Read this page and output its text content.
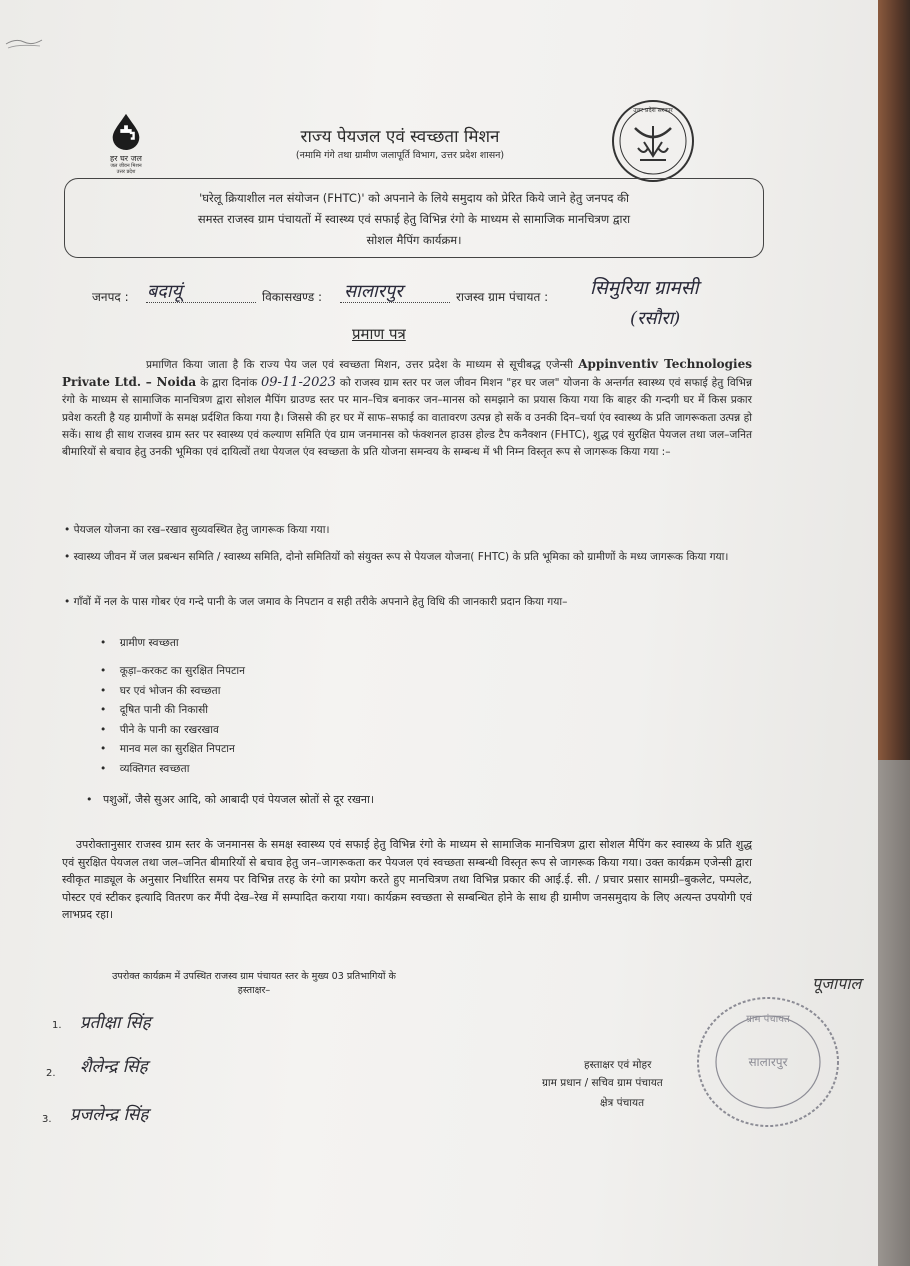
हर घर जल
जल जीवन मिशन
उत्तर प्रदेश
राज्य पेयजल एवं स्वच्छता मिशन
(नमामि गंगे तथा ग्रामीण जलापूर्ति विभाग, उत्तर प्रदेश शासन)
उत्तर प्रदेश सरकार
'घरेलू क्रियाशील नल संयोजन (FHTC)' को अपनाने के लिये समुदाय को प्रेरित किये जाने हेतु जनपद की
समस्त राजस्व ग्राम पंचायतों में स्वास्थ्य एवं सफाई हेतु विभिन्न रंगो के माध्यम से सामाजिक मानचित्रण द्वारा
सोशल मैपिंग कार्यक्रम।
जनपद : बदायूं	विकासखण्ड : सालारपुर	राजस्व ग्राम पंचायत : सिमुरिया ग्रामसी
(रसौरा)
प्रमाण पत्र
प्रमाणित किया जाता है कि राज्य पेय जल एवं स्वच्छता मिशन, उत्तर प्रदेश के माध्यम से सूचीबद्ध एजेन्सी Appinventiv Technologies Private Ltd. – Noida के द्वारा दिनांक 09-11-2023 को राजस्व ग्राम स्तर पर जल जीवन मिशन "हर घर जल" योजना के अन्तर्गत स्वास्थ्य एवं सफाई हेतु विभिन्न रंगो के माध्यम से सामाजिक मानचित्रण द्वारा सोशल मैपिंग ग्राउण्ड स्तर पर मान–चित्र बनाकर जन–मानस को समझाने का प्रयास किया गया कि बाहर की गन्दगी घर में किस प्रकार प्रवेश करती है यह ग्रामीणों के समक्ष प्रर्दशित किया गया है। जिससे की हर घर में साफ–सफाई का वातावरण उत्पन्न हो सकें व उनकी दिन–चर्या एंव स्वास्थ्य के प्रति जागरूकता उत्पन्न हो सकें। साथ ही साथ राजस्व ग्राम स्तर पर स्वास्थ्य एवं कल्याण समिति एंव ग्राम जनमानस को फंक्शनल हाउस होल्ड टैप कनैक्शन (FHTC), शुद्ध एवं सुरक्षित पेयजल तथा जल–जनित बीमारियों से बचाव हेतु उनकी भूमिका एवं दायित्वों तथा पेयजल एंव स्वच्छता के प्रति योजना समन्वय के सम्बन्ध में भी निम्न विस्तृत रूप से जागरूक किया गया :–
• पेयजल योजना का रख–रखाव सुव्यवस्थित हेतु जागरूक किया गया।
• स्वास्थ्य जीवन में जल प्रबन्धन समिति / स्वास्थ्य समिति, दोनो समितियों को संयुक्त रूप से पेयजल योजना( FHTC) के प्रति भूमिका को ग्रामीणों के मध्य जागरूक किया गया।
• गाँवों में नल के पास गोबर एंव गन्दे पानी के जल जमाव के निपटान व सही तरीके अपनाने हेतु विधि की जानकारी प्रदान किया गया–
•    ग्रामीण स्वच्छता
•    कूड़ा–करकट का सुरक्षित निपटान
•    घर एवं भोजन की स्वच्छता
•    दूषित पानी की निकासी
•    पीने के पानी का रखरखाव
•    मानव मल का सुरक्षित निपटान
•    व्यक्तिगत स्वच्छता
•   पशुओं, जैसे सुअर आदि, को आबादी एवं पेयजल स्रोतों से दूर रखना।
उपरोक्तानुसार राजस्व ग्राम स्तर के जनमानस के समक्ष स्वास्थ्य एवं सफाई हेतु विभिन्न रंगो के माध्यम से सामाजिक मानचित्रण द्वारा सोशल मैपिंग कर स्वास्थ्य के प्रति शुद्ध एवं सुरक्षित पेयजल तथा जल–जनित बीमारियों से बचाव हेतु जन–जागरूकता कर पेयजल एवं स्वच्छता सम्बन्धी विस्तृत रूप से जागरूक किया गया। उक्त कार्यक्रम एजेन्सी द्वारा स्वीकृत माड्यूल के अनुसार निर्धारित समय पर विभिन्न तरह के रंगो का प्रयोग करते हुए मानचित्रण तथा विभिन्न प्रकार की आई.ई. सी. / प्रचार प्रसार सामग्री–बुकलेट, पम्पलेट, पोस्टर एवं स्टीकर इत्यादि वितरण कर मैंपी देख–रेख में सम्पादित कराया गया। कार्यक्रम स्वच्छता से सम्बन्धित होने के साथ ही ग्रामीण जनसमुदाय के लिए अत्यन्त उपयोगी एवं लाभप्रद रहा।
उपरोक्त कार्यक्रम में उपस्थित राजस्व ग्राम पंचायत स्तर के मुख्य 03 प्रतिभागियों के
हस्ताक्षर–
1. प्रतीक्षा सिंह
2. शैलेन्द्र सिंह
3. प्रजलेन्द्र सिंह
ग्राम पंचायत
सालारपुर
पूजापाल
हस्ताक्षर एवं मोहर
ग्राम प्रधान / सचिव ग्राम पंचायत
क्षेत्र पंचायत
